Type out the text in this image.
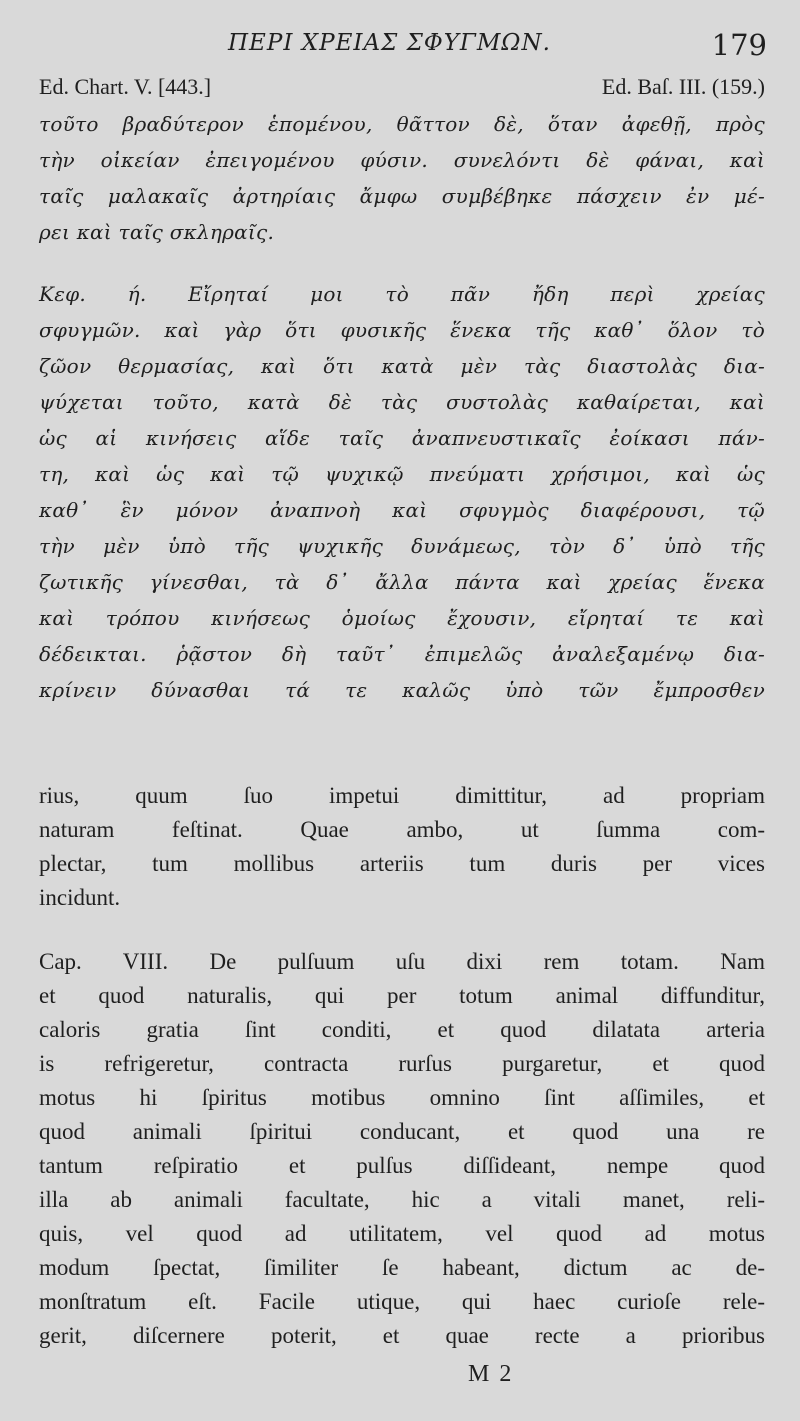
ΠΕΡΙ ΧΡΕΙΑΣ ΣΦΥΓΜΩΝ.	179
Ed. Chart. V. [443.]	Ed. Baſ. III. (159.)
τοῦτο βραδύτερον ἑπομένου, θᾶττον δὲ, ὅταν ἀφεθῇ, πρὸς
τὴν οἰκείαν ἐπειγομένου φύσιν. συνελόντι δὲ φάναι, καὶ
ταῖς μαλακαῖς ἀρτηρίαις ἄμφω συμβέβηκε πάσχειν ἐν μέ-
ρει καὶ ταῖς σκληραῖς.
Κεφ. ή. Εἴρηταί μοι τὸ πᾶν ἤδη περὶ χρείας
σφυγμῶν. καὶ γὰρ ὅτι φυσικῆς ἕνεκα τῆς καθ᾽ ὅλον τὸ
ζῶον θερμασίας, καὶ ὅτι κατὰ μὲν τὰς διαστολὰς δια-
ψύχεται τοῦτο, κατὰ δὲ τὰς συστολὰς καθαίρεται, καὶ
ὡς αἱ κινήσεις αἵδε ταῖς ἀναπνευστικαῖς ἐοίκασι πάν-
τη, καὶ ὡς καὶ τῷ ψυχικῷ πνεύματι χρήσιμοι, καὶ ὡς
καθ᾽ ἓν μόνον ἀναπνοὴ καὶ σφυγμὸς διαφέρουσι, τῷ
τὴν μὲν ὑπὸ τῆς ψυχικῆς δυνάμεως, τὸν δ᾽ ὑπὸ τῆς
ζωτικῆς γίνεσθαι, τὰ δ᾽ ἄλλα πάντα καὶ χρείας ἕνεκα
καὶ τρόπου κινήσεως ὁμοίως ἔχουσιν, εἴρηταί τε καὶ
δέδεικται. ῥᾷστον δὴ ταῦτ᾽ ἐπιμελῶς ἀναλεξαμένῳ δια-
κρίνειν δύνασθαι τά τε καλῶς ὑπὸ τῶν ἔμπροσθεν
rius, quum ſuo impetui dimittitur, ad propriam
naturam feſtinat. Quae ambo, ut ſumma com-
plectar, tum mollibus arteriis tum duris per vices
incidunt.
Cap. VIII. De pulſuum uſu dixi rem totam. Nam
et quod naturalis, qui per totum animal diffunditur,
caloris gratia ſint conditi, et quod dilatata arteria
is refrigeretur, contracta rurſus purgaretur, et quod
motus hi ſpiritus motibus omnino ſint aſſimiles, et
quod animali ſpiritui conducant, et quod una re
tantum reſpiratio et pulſus diſſideant, nempe quod
illa ab animali facultate, hic a vitali manet, reli-
quis, vel quod ad utilitatem, vel quod ad motus
modum ſpectat, ſimiliter ſe habeant, dictum ac de-
monſtratum eſt. Facile utique, qui haec curioſe rele-
gerit, diſcernere poterit, et quae recte a prioribus
M 2
